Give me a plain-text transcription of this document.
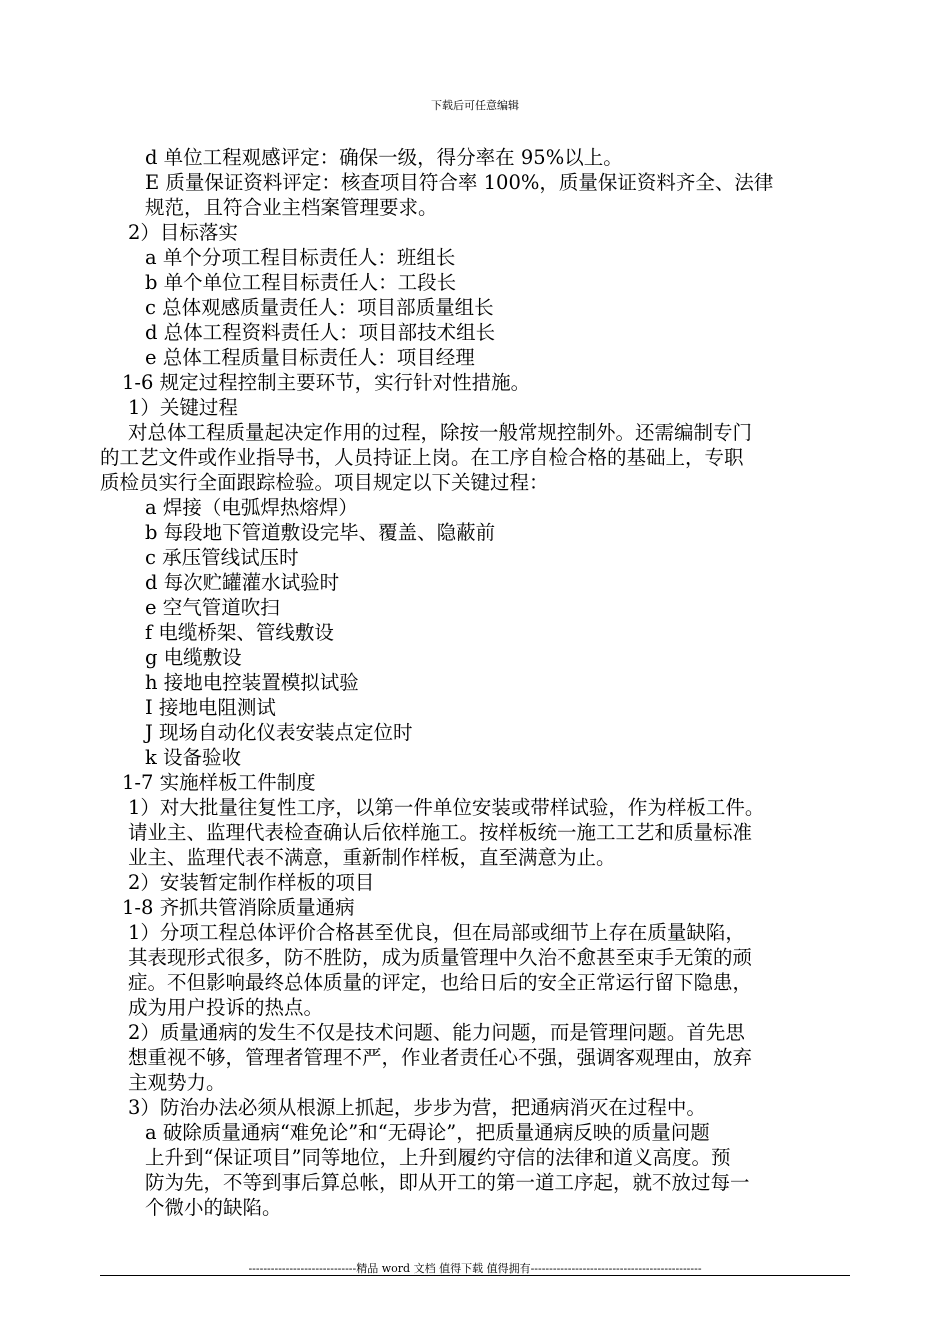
下载后可任意编辑
d 单位工程观感评定：确保一级，得分率在 95%以上。
E 质量保证资料评定：核查项目符合率 100%，质量保证资料齐全、法律
规范，且符合业主档案管理要求。
2）目标落实
a 单个分项工程目标责任人：班组长
b 单个单位工程目标责任人：工段长
c 总体观感质量责任人：项目部质量组长
d 总体工程资料责任人：项目部技术组长
e 总体工程质量目标责任人：项目经理
1-6 规定过程控制主要环节，实行针对性措施。
1）关键过程
对总体工程质量起决定作用的过程，除按一般常规控制外。还需编制专门
的工艺文件或作业指导书，人员持证上岗。在工序自检合格的基础上，专职
质检员实行全面跟踪检验。项目规定以下关键过程：
a 焊接（电弧焊热熔焊）
b 每段地下管道敷设完毕、覆盖、隐蔽前
c 承压管线试压时
d 每次贮罐灌水试验时
e 空气管道吹扫
f 电缆桥架、管线敷设
g 电缆敷设
h 接地电控装置模拟试验
I 接地电阻测试
J 现场自动化仪表安装点定位时
k 设备验收
1-7 实施样板工件制度
1）对大批量往复性工序，以第一件单位安装或带样试验，作为样板工件。
请业主、监理代表检查确认后依样施工。按样板统一施工工艺和质量标准
业主、监理代表不满意，重新制作样板，直至满意为止。
2）安装暂定制作样板的项目
1-8 齐抓共管消除质量通病
1）分项工程总体评价合格甚至优良，但在局部或细节上存在质量缺陷，
其表现形式很多，防不胜防，成为质量管理中久治不愈甚至束手无策的顽
症。不但影响最终总体质量的评定，也给日后的安全正常运行留下隐患，
成为用户投诉的热点。
2）质量通病的发生不仅是技术问题、能力问题，而是管理问题。首先思
想重视不够，管理者管理不严，作业者责任心不强，强调客观理由，放弃
主观势力。
3）防治办法必须从根源上抓起，步步为营，把通病消灭在过程中。
a 破除质量通病“难免论”和“无碍论”，把质量通病反映的质量问题
上升到“保证项目”同等地位，上升到履约守信的法律和道义高度。预
防为先，不等到事后算总帐，即从开工的第一道工序起，就不放过每一
个微小的缺陷。
-----------------------------精品 word 文档 值得下载 值得拥有----------------------------------------------
